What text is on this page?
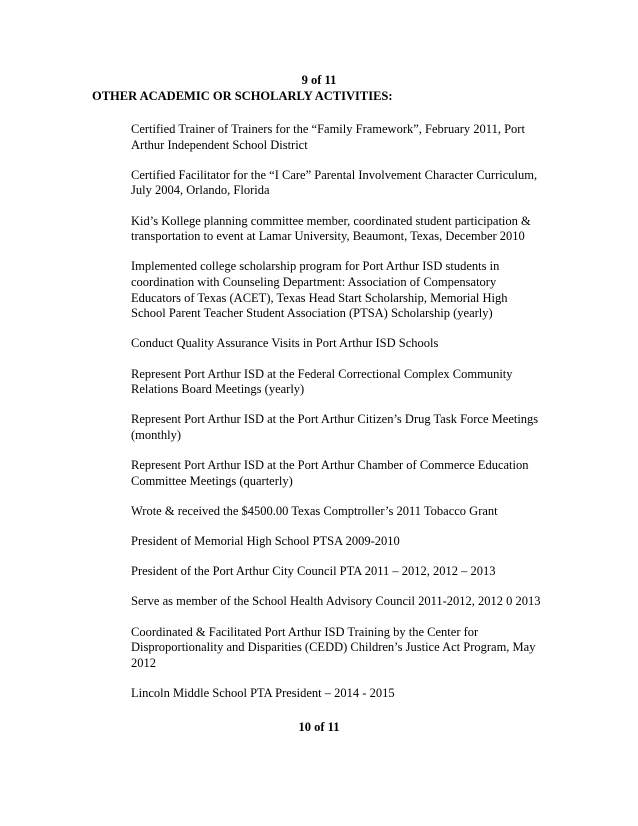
9 of 11
OTHER ACADEMIC OR SCHOLARLY ACTIVITIES:
Certified Trainer of Trainers for the “Family Framework”, February 2011, Port
Arthur Independent School District
Certified Facilitator for the “I Care” Parental Involvement Character Curriculum,
July 2004, Orlando, Florida
Kid’s Kollege planning committee member, coordinated student participation &
transportation to event at Lamar University, Beaumont, Texas, December 2010
Implemented college scholarship program for Port Arthur ISD students in
coordination with Counseling Department: Association of Compensatory
Educators of Texas (ACET), Texas Head Start Scholarship, Memorial High
School Parent Teacher Student Association (PTSA) Scholarship (yearly)
Conduct Quality Assurance Visits in Port Arthur ISD Schools
Represent Port Arthur ISD at the Federal Correctional Complex Community
Relations Board Meetings (yearly)
Represent Port Arthur ISD at the Port Arthur Citizen’s Drug Task Force Meetings
(monthly)
Represent Port Arthur ISD at the Port Arthur Chamber of Commerce Education
Committee Meetings (quarterly)
Wrote & received the $4500.00 Texas Comptroller’s 2011 Tobacco Grant
President of Memorial High School PTSA 2009-2010
President of the Port Arthur City Council PTA 2011 – 2012, 2012 – 2013
Serve as member of the School Health Advisory Council 2011-2012, 2012 0 2013
Coordinated & Facilitated Port Arthur ISD Training by the Center for
Disproportionality and Disparities (CEDD) Children’s Justice Act Program, May
2012
Lincoln Middle School PTA President – 2014 - 2015
10 of 11
